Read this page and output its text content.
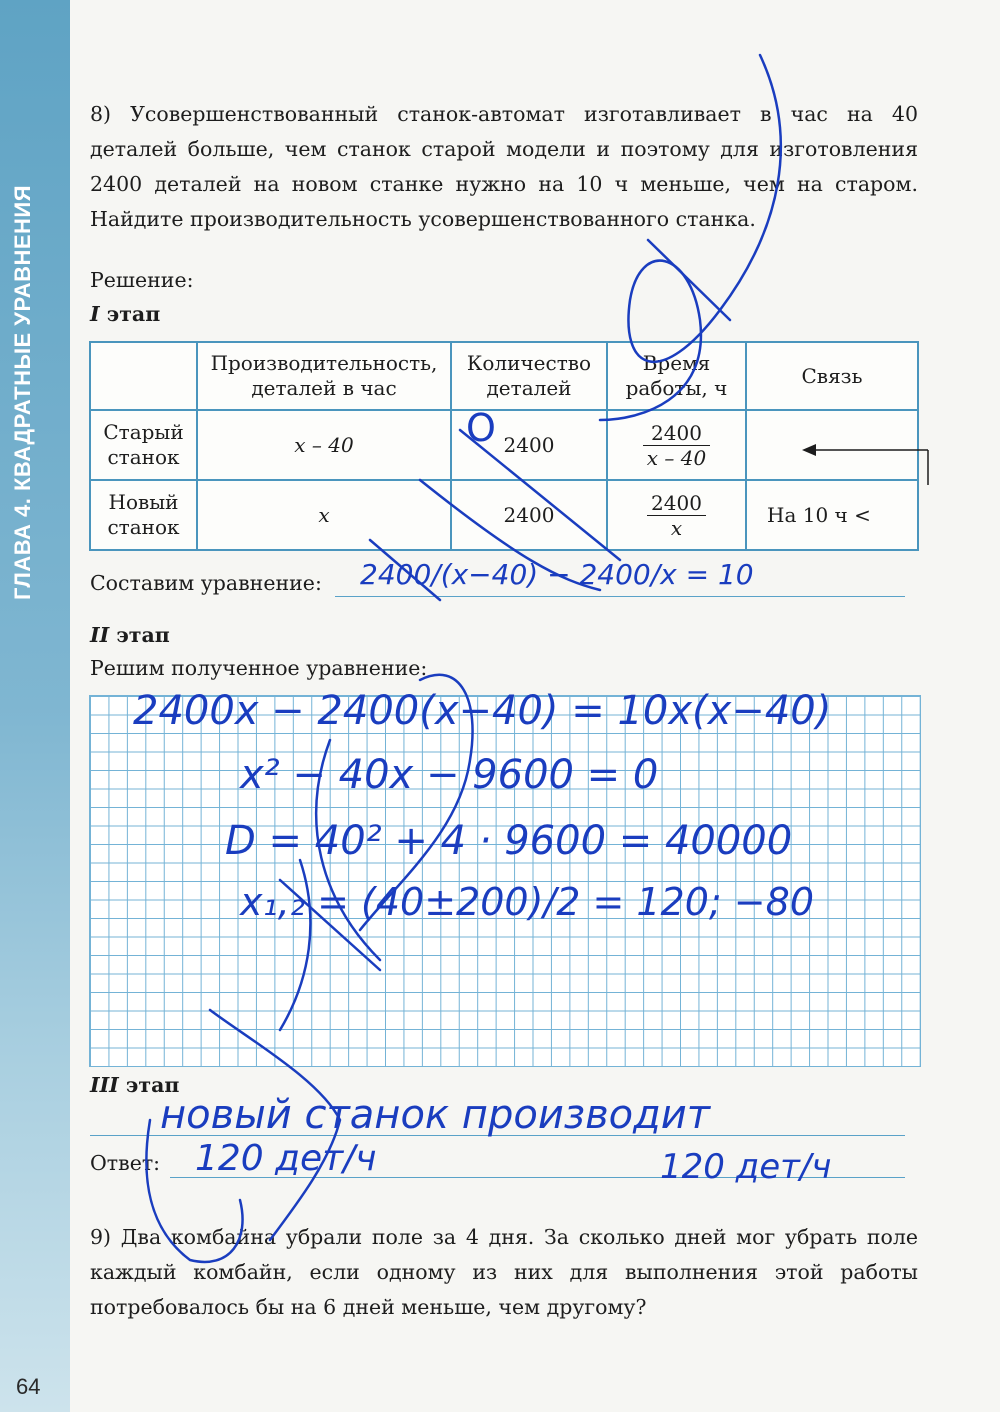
ГЛАВА 4. КВАДРАТНЫЕ УРАВНЕНИЯ

8) Усовершенствованный станок-автомат изготавливает в час на 40 деталей больше, чем станок старой модели и поэтому для изготовления 2400 деталей на новом станке нужно на 10 ч меньше, чем на старом. Найдите производительность усовершенствованного станка.

Решение:

I этап

	Производительность, деталей в час	Количество деталей	Время работы, ч	Связь
Старый станок	x – 40	2400	$\frac{2400}{x - 40}$

Новый станок	x	2400	$\frac{2400}{x}$	На 10 ч <

Составим уравнение:

II этап

Решим полученное уравнение:

III этап

Ответ:

9) Два комбайна убрали поле за 4 дня. За сколько дней мог убрать поле каждый комбайн, если одному из них для выполнения этой работы потребовалось бы на 6 дней меньше, чем другому?

64

2400/(x−40) − 2400/x = 10

2400x − 2400(x−40) = 10x(x−40)

x² − 40x − 9600 = 0

D = 40² + 4 · 9600 = 40000

x₁,₂ = (40±200)/2 = 120; −80

новый станок производит

120 дет/ч	120 дет/ч

O
